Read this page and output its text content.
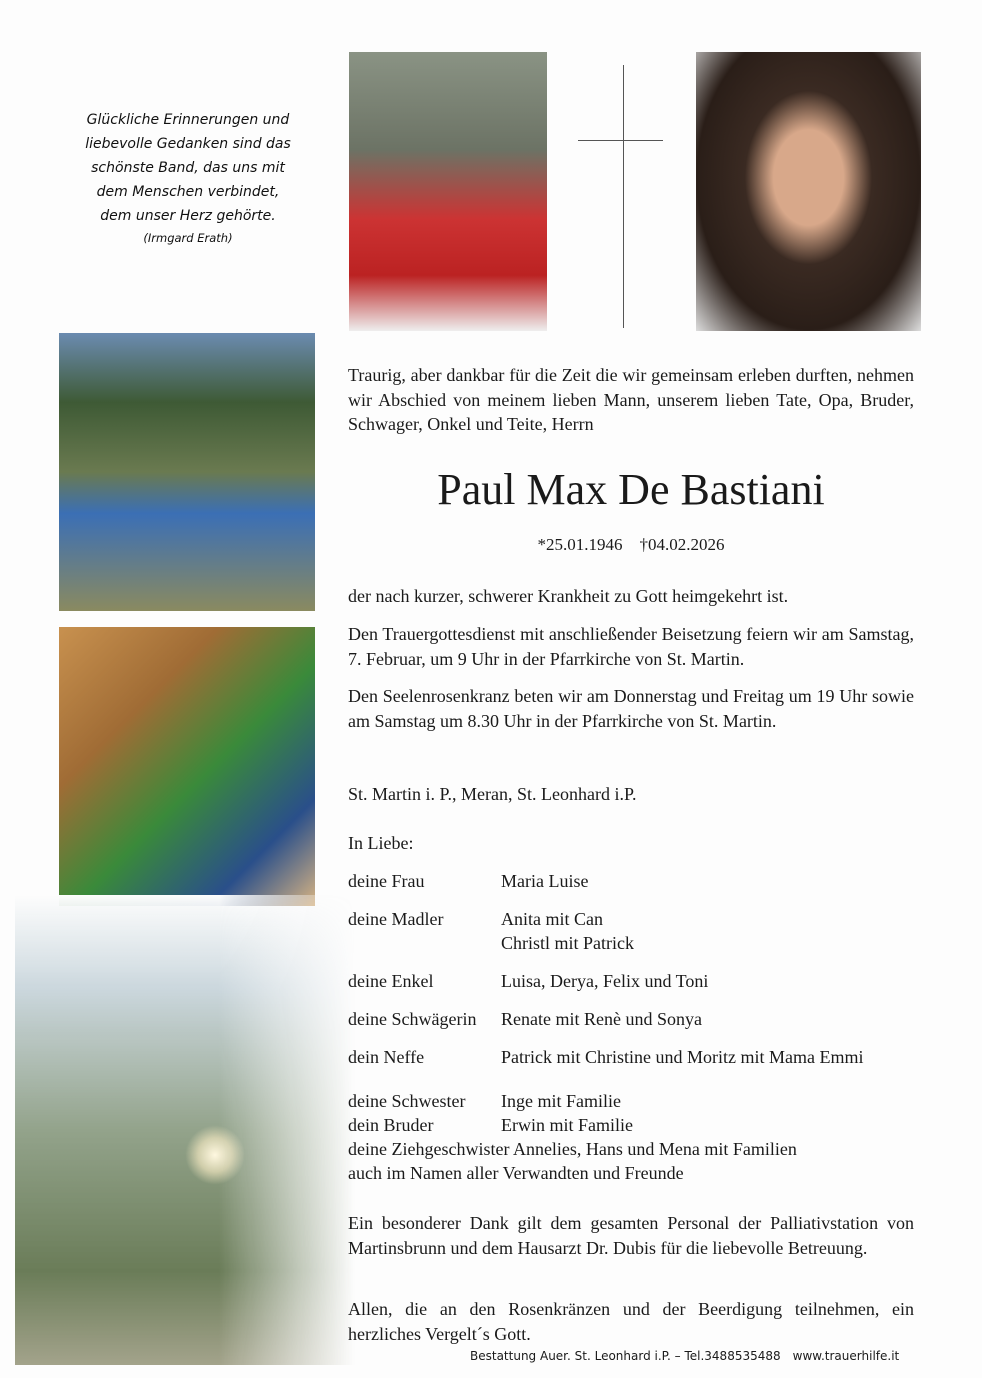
Glückliche Erinnerungen und
liebevolle Gedanken sind das
schönste Band, das uns mit
dem Menschen verbindet,
dem unser Herz gehörte.
(Irmgard Erath)
Traurig, aber dankbar für die Zeit die wir gemeinsam erleben durften, nehmen wir Abschied von meinem lieben Mann, unserem lieben Tate, Opa, Bruder, Schwager, Onkel und Teite, Herrn
Paul Max De Bastiani
*25.01.1946    †04.02.2026
der nach kurzer, schwerer Krankheit zu Gott heimgekehrt ist.
Den Trauergottesdienst mit anschließender Beisetzung feiern wir am Samstag, 7. Februar, um 9 Uhr in der Pfarrkirche von St. Martin.
Den Seelenrosenkranz beten wir am Donnerstag und Freitag um 19 Uhr sowie am Samstag um 8.30 Uhr in der Pfarrkirche von St. Martin.
St. Martin i. P., Meran, St. Leonhard i.P.
In Liebe:
deine Frau	Maria Luise
deine Madler	Anita mit Can
Christl mit Patrick
deine Enkel	Luisa, Derya, Felix und Toni
deine Schwägerin Renate mit Renè und Sonya
dein Neffe	Patrick mit Christine und Moritz mit Mama Emmi
deine Schwester Inge mit Familie
dein Bruder	Erwin mit Familie
deine Ziehgeschwister Annelies, Hans und Mena mit Familien
auch im Namen aller Verwandten und Freunde
Ein besonderer Dank gilt dem gesamten Personal der Palliativstation von Martinsbrunn und dem Hausarzt Dr. Dubis für die liebevolle Betreuung.
Allen, die an den Rosenkränzen und der Beerdigung teilnehmen, ein herzliches Vergelt´s Gott.
Bestattung Auer. St. Leonhard i.P. – Tel.3488535488 www.trauerhilfe.it
